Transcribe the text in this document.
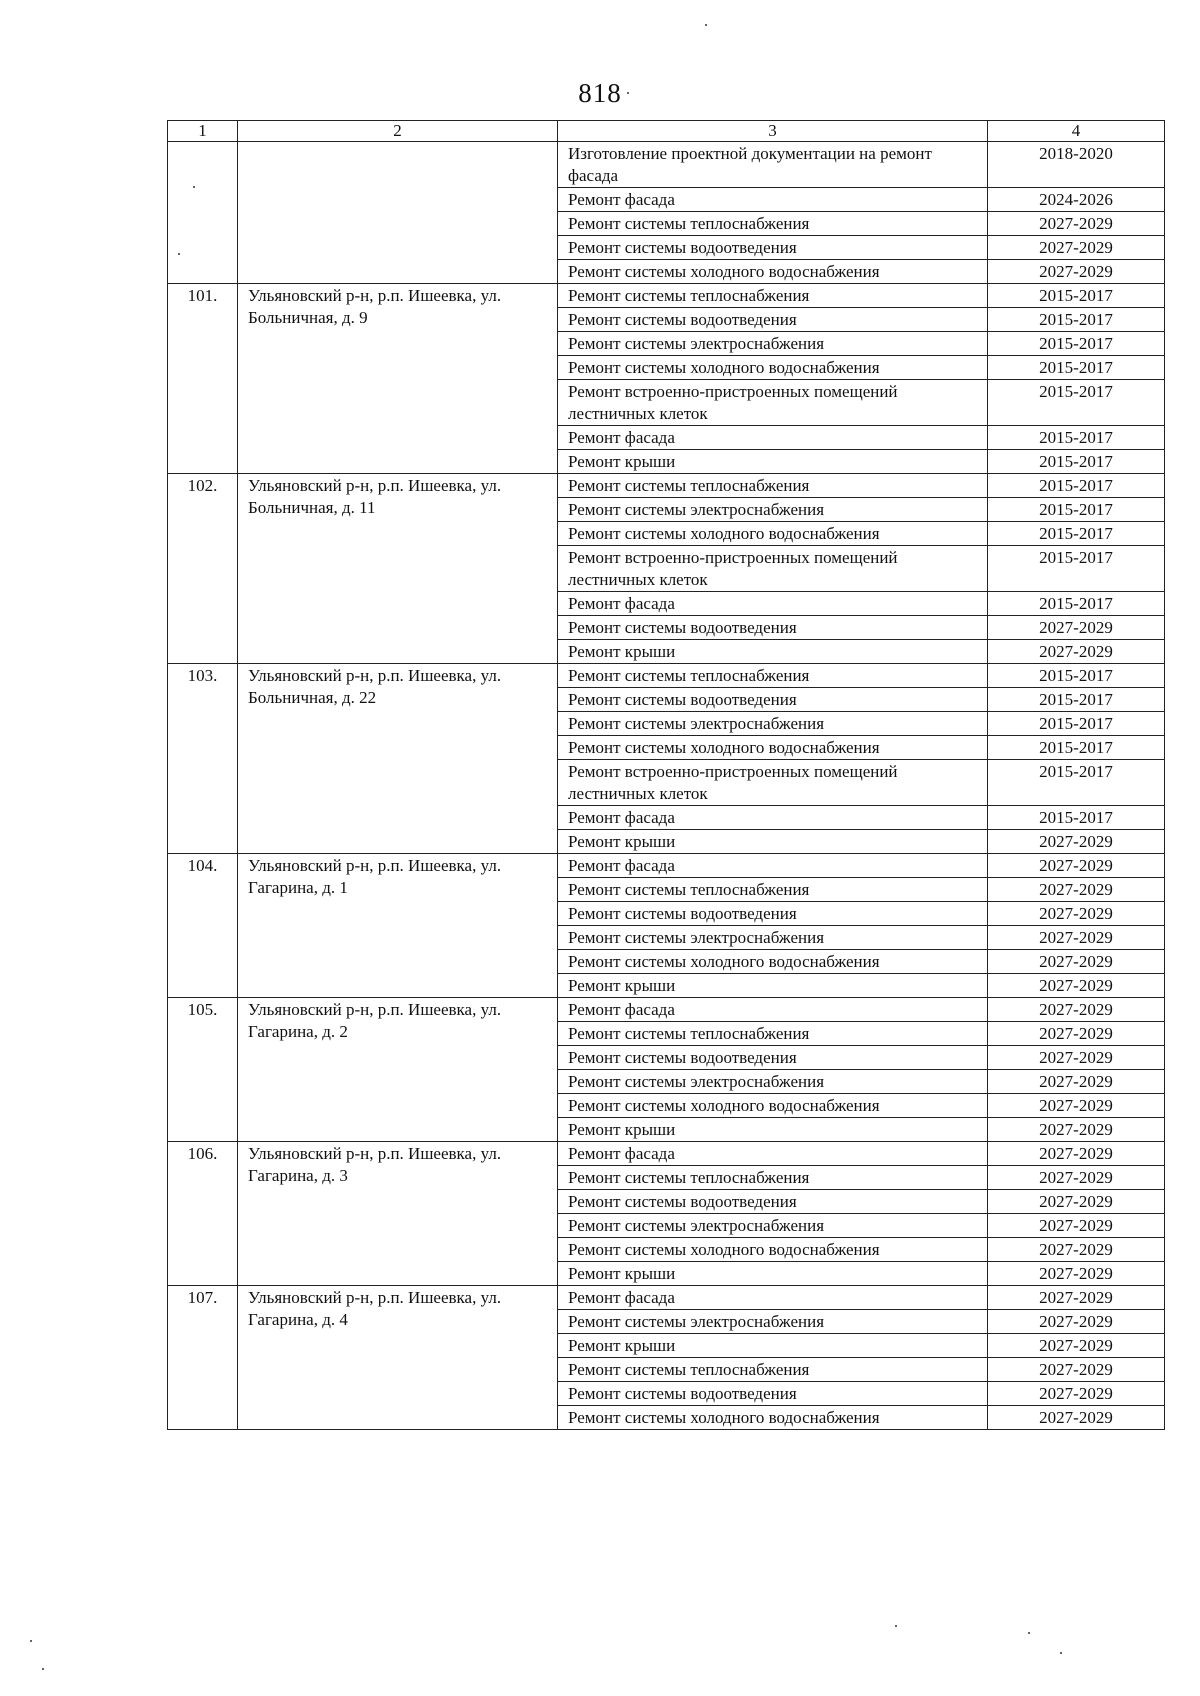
818
1	2	3	4
		Изготовление проектной документации на ремонт фасада	2018-2020
		Ремонт фасада	2024-2026
		Ремонт системы теплоснабжения	2027-2029
		Ремонт системы водоотведения	2027-2029
		Ремонт системы холодного водоснабжения	2027-2029
101.	Ульяновский р-н, р.п. Ишеевка, ул. Больничная, д. 9	Ремонт системы теплоснабжения	2015-2017
		Ремонт системы водоотведения	2015-2017
		Ремонт системы электроснабжения	2015-2017
		Ремонт системы холодного водоснабжения	2015-2017
		Ремонт встроенно-пристроенных помещений лестничных клеток	2015-2017
		Ремонт фасада	2015-2017
		Ремонт крыши	2015-2017
102.	Ульяновский р-н, р.п. Ишеевка, ул. Больничная, д. 11	Ремонт системы теплоснабжения	2015-2017
		Ремонт системы электроснабжения	2015-2017
		Ремонт системы холодного водоснабжения	2015-2017
		Ремонт встроенно-пристроенных помещений лестничных клеток	2015-2017
		Ремонт фасада	2015-2017
		Ремонт системы водоотведения	2027-2029
		Ремонт крыши	2027-2029
103.	Ульяновский р-н, р.п. Ишеевка, ул. Больничная, д. 22	Ремонт системы теплоснабжения	2015-2017
		Ремонт системы водоотведения	2015-2017
		Ремонт системы электроснабжения	2015-2017
		Ремонт системы холодного водоснабжения	2015-2017
		Ремонт встроенно-пристроенных помещений лестничных клеток	2015-2017
		Ремонт фасада	2015-2017
		Ремонт крыши	2027-2029
104.	Ульяновский р-н, р.п. Ишеевка, ул. Гагарина, д. 1	Ремонт фасада	2027-2029
		Ремонт системы теплоснабжения	2027-2029
		Ремонт системы водоотведения	2027-2029
		Ремонт системы электроснабжения	2027-2029
		Ремонт системы холодного водоснабжения	2027-2029
		Ремонт крыши	2027-2029
105.	Ульяновский р-н, р.п. Ишеевка, ул. Гагарина, д. 2	Ремонт фасада	2027-2029
		Ремонт системы теплоснабжения	2027-2029
		Ремонт системы водоотведения	2027-2029
		Ремонт системы электроснабжения	2027-2029
		Ремонт системы холодного водоснабжения	2027-2029
		Ремонт крыши	2027-2029
106.	Ульяновский р-н, р.п. Ишеевка, ул. Гагарина, д. 3	Ремонт фасада	2027-2029
		Ремонт системы теплоснабжения	2027-2029
		Ремонт системы водоотведения	2027-2029
		Ремонт системы электроснабжения	2027-2029
		Ремонт системы холодного водоснабжения	2027-2029
		Ремонт крыши	2027-2029
107.	Ульяновский р-н, р.п. Ишеевка, ул. Гагарина, д. 4	Ремонт фасада	2027-2029
		Ремонт системы электроснабжения	2027-2029
		Ремонт крыши	2027-2029
		Ремонт системы теплоснабжения	2027-2029
		Ремонт системы водоотведения	2027-2029
		Ремонт системы холодного водоснабжения	2027-2029
